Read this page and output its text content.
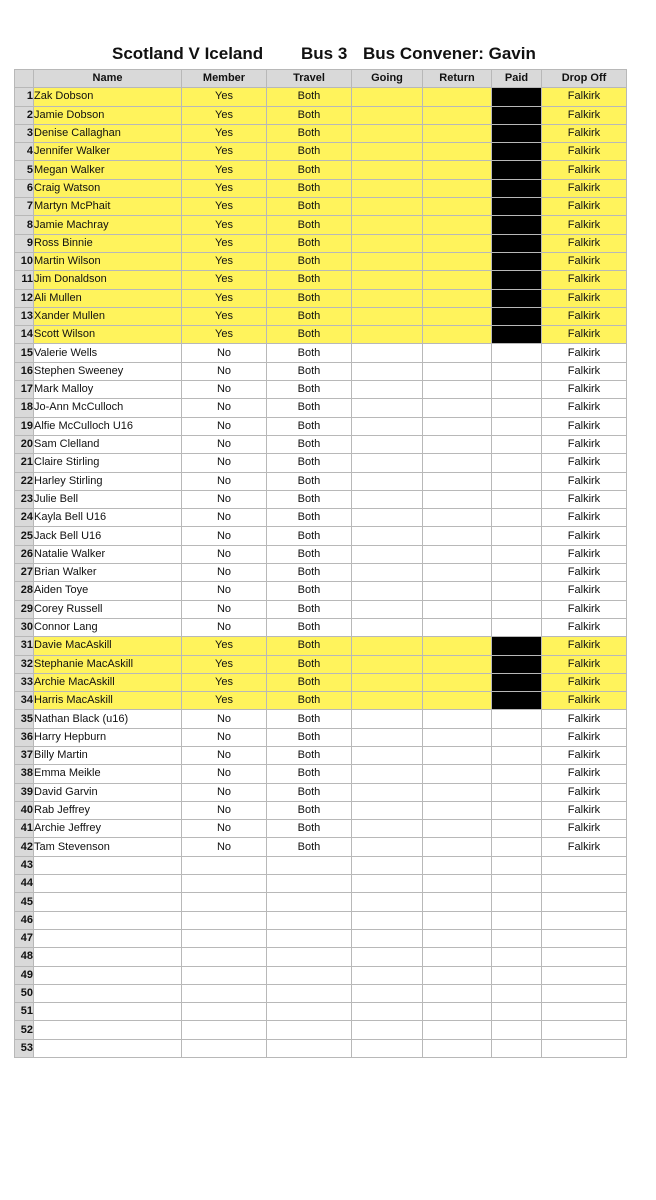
Scotland V Iceland Bus 3 Bus Convener: Gavin
	Name	Member	Travel	Going	Return	Paid	Drop Off
1	Zak Dobson	Yes	Both				Falkirk
2	Jamie Dobson	Yes	Both				Falkirk
3	Denise Callaghan	Yes	Both				Falkirk
4	Jennifer Walker	Yes	Both				Falkirk
5	Megan Walker	Yes	Both				Falkirk
6	Craig Watson	Yes	Both				Falkirk
7	Martyn McPhait	Yes	Both				Falkirk
8	Jamie Machray	Yes	Both				Falkirk
9	Ross Binnie	Yes	Both				Falkirk
10	Martin Wilson	Yes	Both				Falkirk
11	Jim Donaldson	Yes	Both				Falkirk
12	Ali Mullen	Yes	Both				Falkirk
13	Xander Mullen	Yes	Both				Falkirk
14	Scott Wilson	Yes	Both				Falkirk
15	Valerie Wells	No	Both				Falkirk
16	Stephen Sweeney	No	Both				Falkirk
17	Mark Malloy	No	Both				Falkirk
18	Jo-Ann McCulloch	No	Both				Falkirk
19	Alfie McCulloch U16	No	Both				Falkirk
20	Sam Clelland	No	Both				Falkirk
21	Claire Stirling	No	Both				Falkirk
22	Harley Stirling	No	Both				Falkirk
23	Julie Bell	No	Both				Falkirk
24	Kayla Bell U16	No	Both				Falkirk
25	Jack Bell U16	No	Both				Falkirk
26	Natalie Walker	No	Both				Falkirk
27	Brian Walker	No	Both				Falkirk
28	Aiden Toye	No	Both				Falkirk
29	Corey Russell	No	Both				Falkirk
30	Connor Lang	No	Both				Falkirk
31	Davie MacAskill	Yes	Both				Falkirk
32	Stephanie MacAskill	Yes	Both				Falkirk
33	Archie MacAskill	Yes	Both				Falkirk
34	Harris MacAskill	Yes	Both				Falkirk
35	Nathan Black (u16)	No	Both				Falkirk
36	Harry Hepburn	No	Both				Falkirk
37	Billy Martin	No	Both				Falkirk
38	Emma Meikle	No	Both				Falkirk
39	David Garvin	No	Both				Falkirk
40	Rab Jeffrey	No	Both				Falkirk
41	Archie Jeffrey	No	Both				Falkirk
42	Tam Stevenson	No	Both				Falkirk
43							
44							
45							
46							
47							
48							
49							
50							
51							
52							
53							
